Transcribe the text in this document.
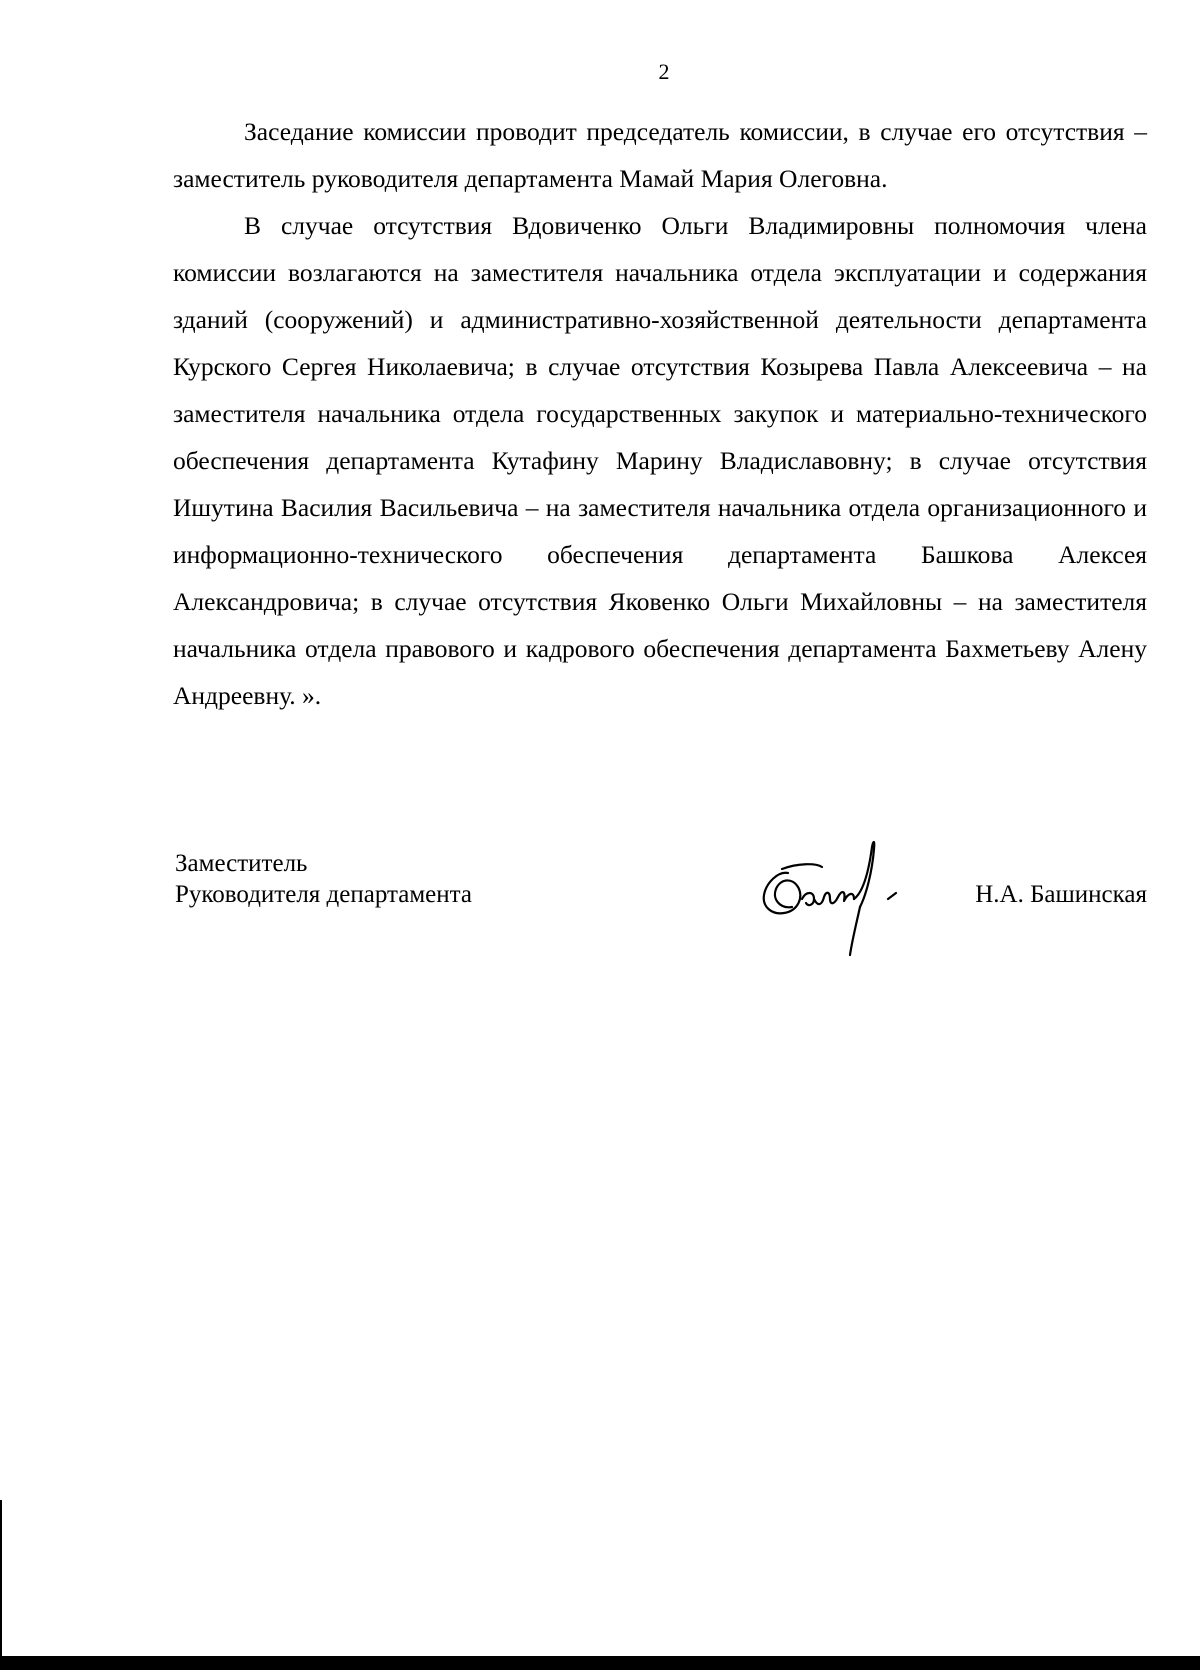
2

Заседание комиссии проводит председатель комиссии, в случае его отсутствия – заместитель руководителя департамента Мамай Мария Олеговна.

В случае отсутствия Вдовиченко Ольги Владимировны полномочия члена комиссии возлагаются на заместителя начальника отдела эксплуатации и содержания зданий (сооружений) и административно-хозяйственной деятельности департамента Курского Сергея Николаевича; в случае отсутствия Козырева Павла Алексеевича – на заместителя начальника отдела государственных закупок и материально-технического обеспечения департамента Кутафину Марину Владиславовну; в случае отсутствия Ишутина Василия Васильевича – на заместителя начальника отдела организационного и информационно-технического обеспечения департамента Башкова Алексея Александровича; в случае отсутствия Яковенко Ольги Михайловны – на заместителя начальника отдела правового и кадрового обеспечения департамента Бахметьеву Алену Андреевну. ».

Заместитель
Руководителя департамента	Н.А. Башинская
